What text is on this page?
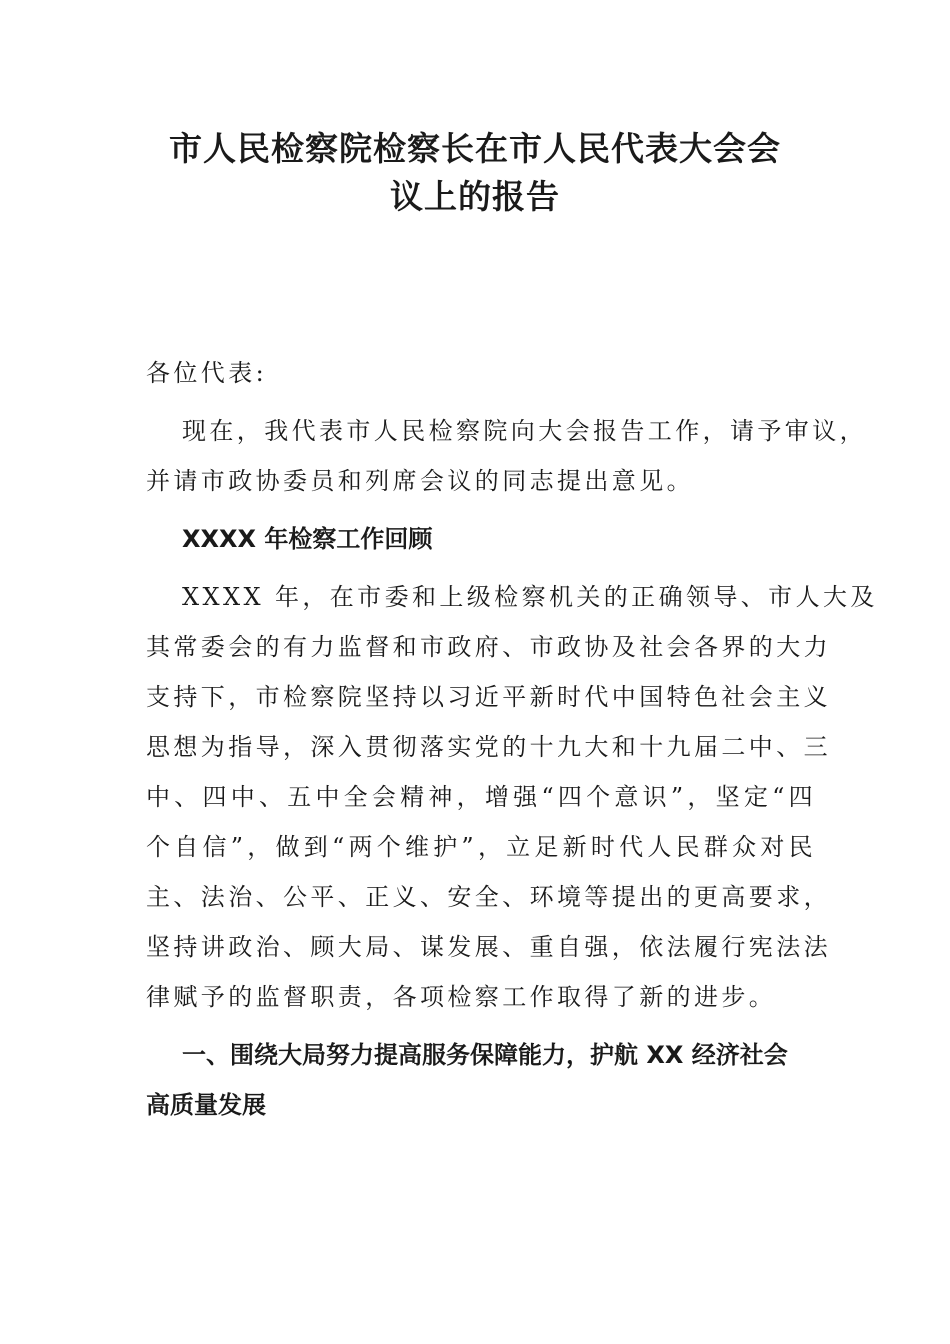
市人民检察院检察长在市人民代表大会会
议上的报告

各位代表:

现在，我代表市人民检察院向大会报告工作，请予审议，

并请市政协委员和列席会议的同志提出意见。

XXXX 年检察工作回顾

XXXX 年，在市委和上级检察机关的正确领导、市人大及

其常委会的有力监督和市政府、市政协及社会各界的大力

支持下，市检察院坚持以习近平新时代中国特色社会主义

思想为指导，深入贯彻落实党的十九大和十九届二中、三

中、四中、五中全会精神，增强“四个意识”，坚定“四

个自信”，做到“两个维护”，立足新时代人民群众对民

主、法治、公平、正义、安全、环境等提出的更高要求，

坚持讲政治、顾大局、谋发展、重自强，依法履行宪法法

律赋予的监督职责，各项检察工作取得了新的进步。

一、围绕大局努力提高服务保障能力，护航 XX 经济社会

高质量发展
